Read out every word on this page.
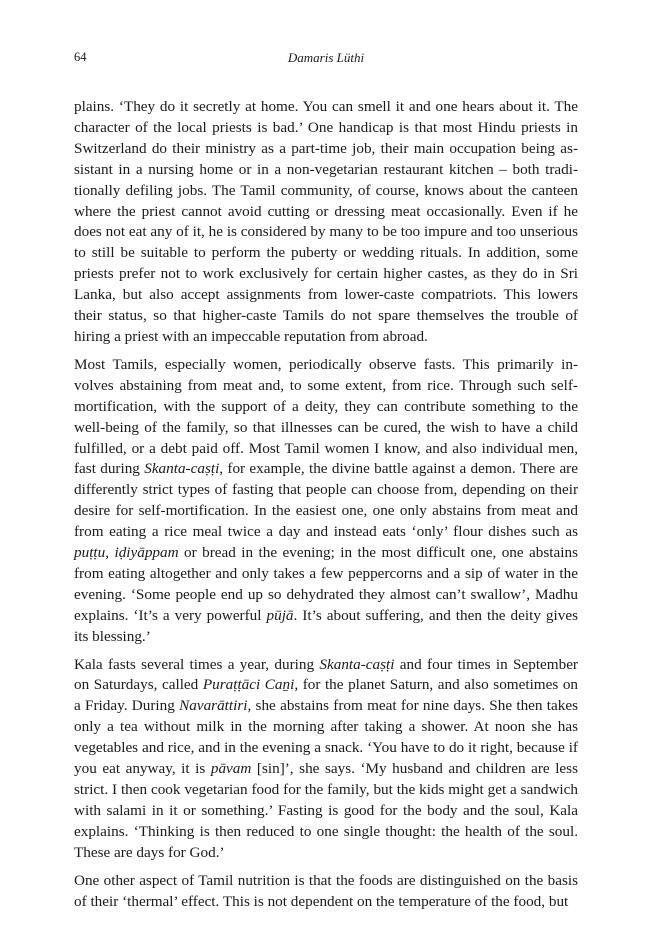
64	Damaris Lüthi

plains. ‘They do it secretly at home. You can smell it and one hears about it. The character of the local priests is bad.’ One handicap is that most Hindu priests in Switzerland do their ministry as a part-time job, their main occupation being assistant in a nursing home or in a non-vegetarian restaurant kitchen – both traditionally defiling jobs. The Tamil community, of course, knows about the canteen where the priest cannot avoid cutting or dressing meat occasionally. Even if he does not eat any of it, he is considered by many to be too impure and too unserious to still be suitable to perform the puberty or wedding rituals. In addition, some priests prefer not to work exclusively for certain higher castes, as they do in Sri Lanka, but also accept assignments from lower-caste compatriots. This lowers their status, so that higher-caste Tamils do not spare themselves the trouble of hiring a priest with an impeccable reputation from abroad.

Most Tamils, especially women, periodically observe fasts. This primarily involves abstaining from meat and, to some extent, from rice. Through such self-mortification, with the support of a deity, they can contribute something to the well-being of the family, so that illnesses can be cured, the wish to have a child fulfilled, or a debt paid off. Most Tamil women I know, and also individual men, fast during Skanta-caṣṭi, for example, the divine battle against a demon. There are differently strict types of fasting that people can choose from, depending on their desire for self-mortification. In the easiest one, one only abstains from meat and from eating a rice meal twice a day and instead eats ‘only’ flour dishes such as puṭṭu, iḍiyāppam or bread in the evening; in the most difficult one, one abstains from eating altogether and only takes a few peppercorns and a sip of water in the evening. ‘Some people end up so dehydrated they almost can’t swallow’, Madhu explains. ‘It’s a very powerful pūjā. It’s about suffering, and then the deity gives its blessing.’

Kala fasts several times a year, during Skanta-caṣṭi and four times in September on Saturdays, called Puraṭṭāci Caṉi, for the planet Saturn, and also sometimes on a Friday. During Navarāttiri, she abstains from meat for nine days. She then takes only a tea without milk in the morning after taking a shower. At noon she has vegetables and rice, and in the evening a snack. ‘You have to do it right, because if you eat anyway, it is pāvam [sin]’, she says. ‘My husband and children are less strict. I then cook vegetarian food for the family, but the kids might get a sandwich with salami in it or something.’ Fasting is good for the body and the soul, Kala explains. ‘Thinking is then reduced to one single thought: the health of the soul. These are days for God.’

One other aspect of Tamil nutrition is that the foods are distinguished on the basis of their ‘thermal’ effect. This is not dependent on the temperature of the food, but
